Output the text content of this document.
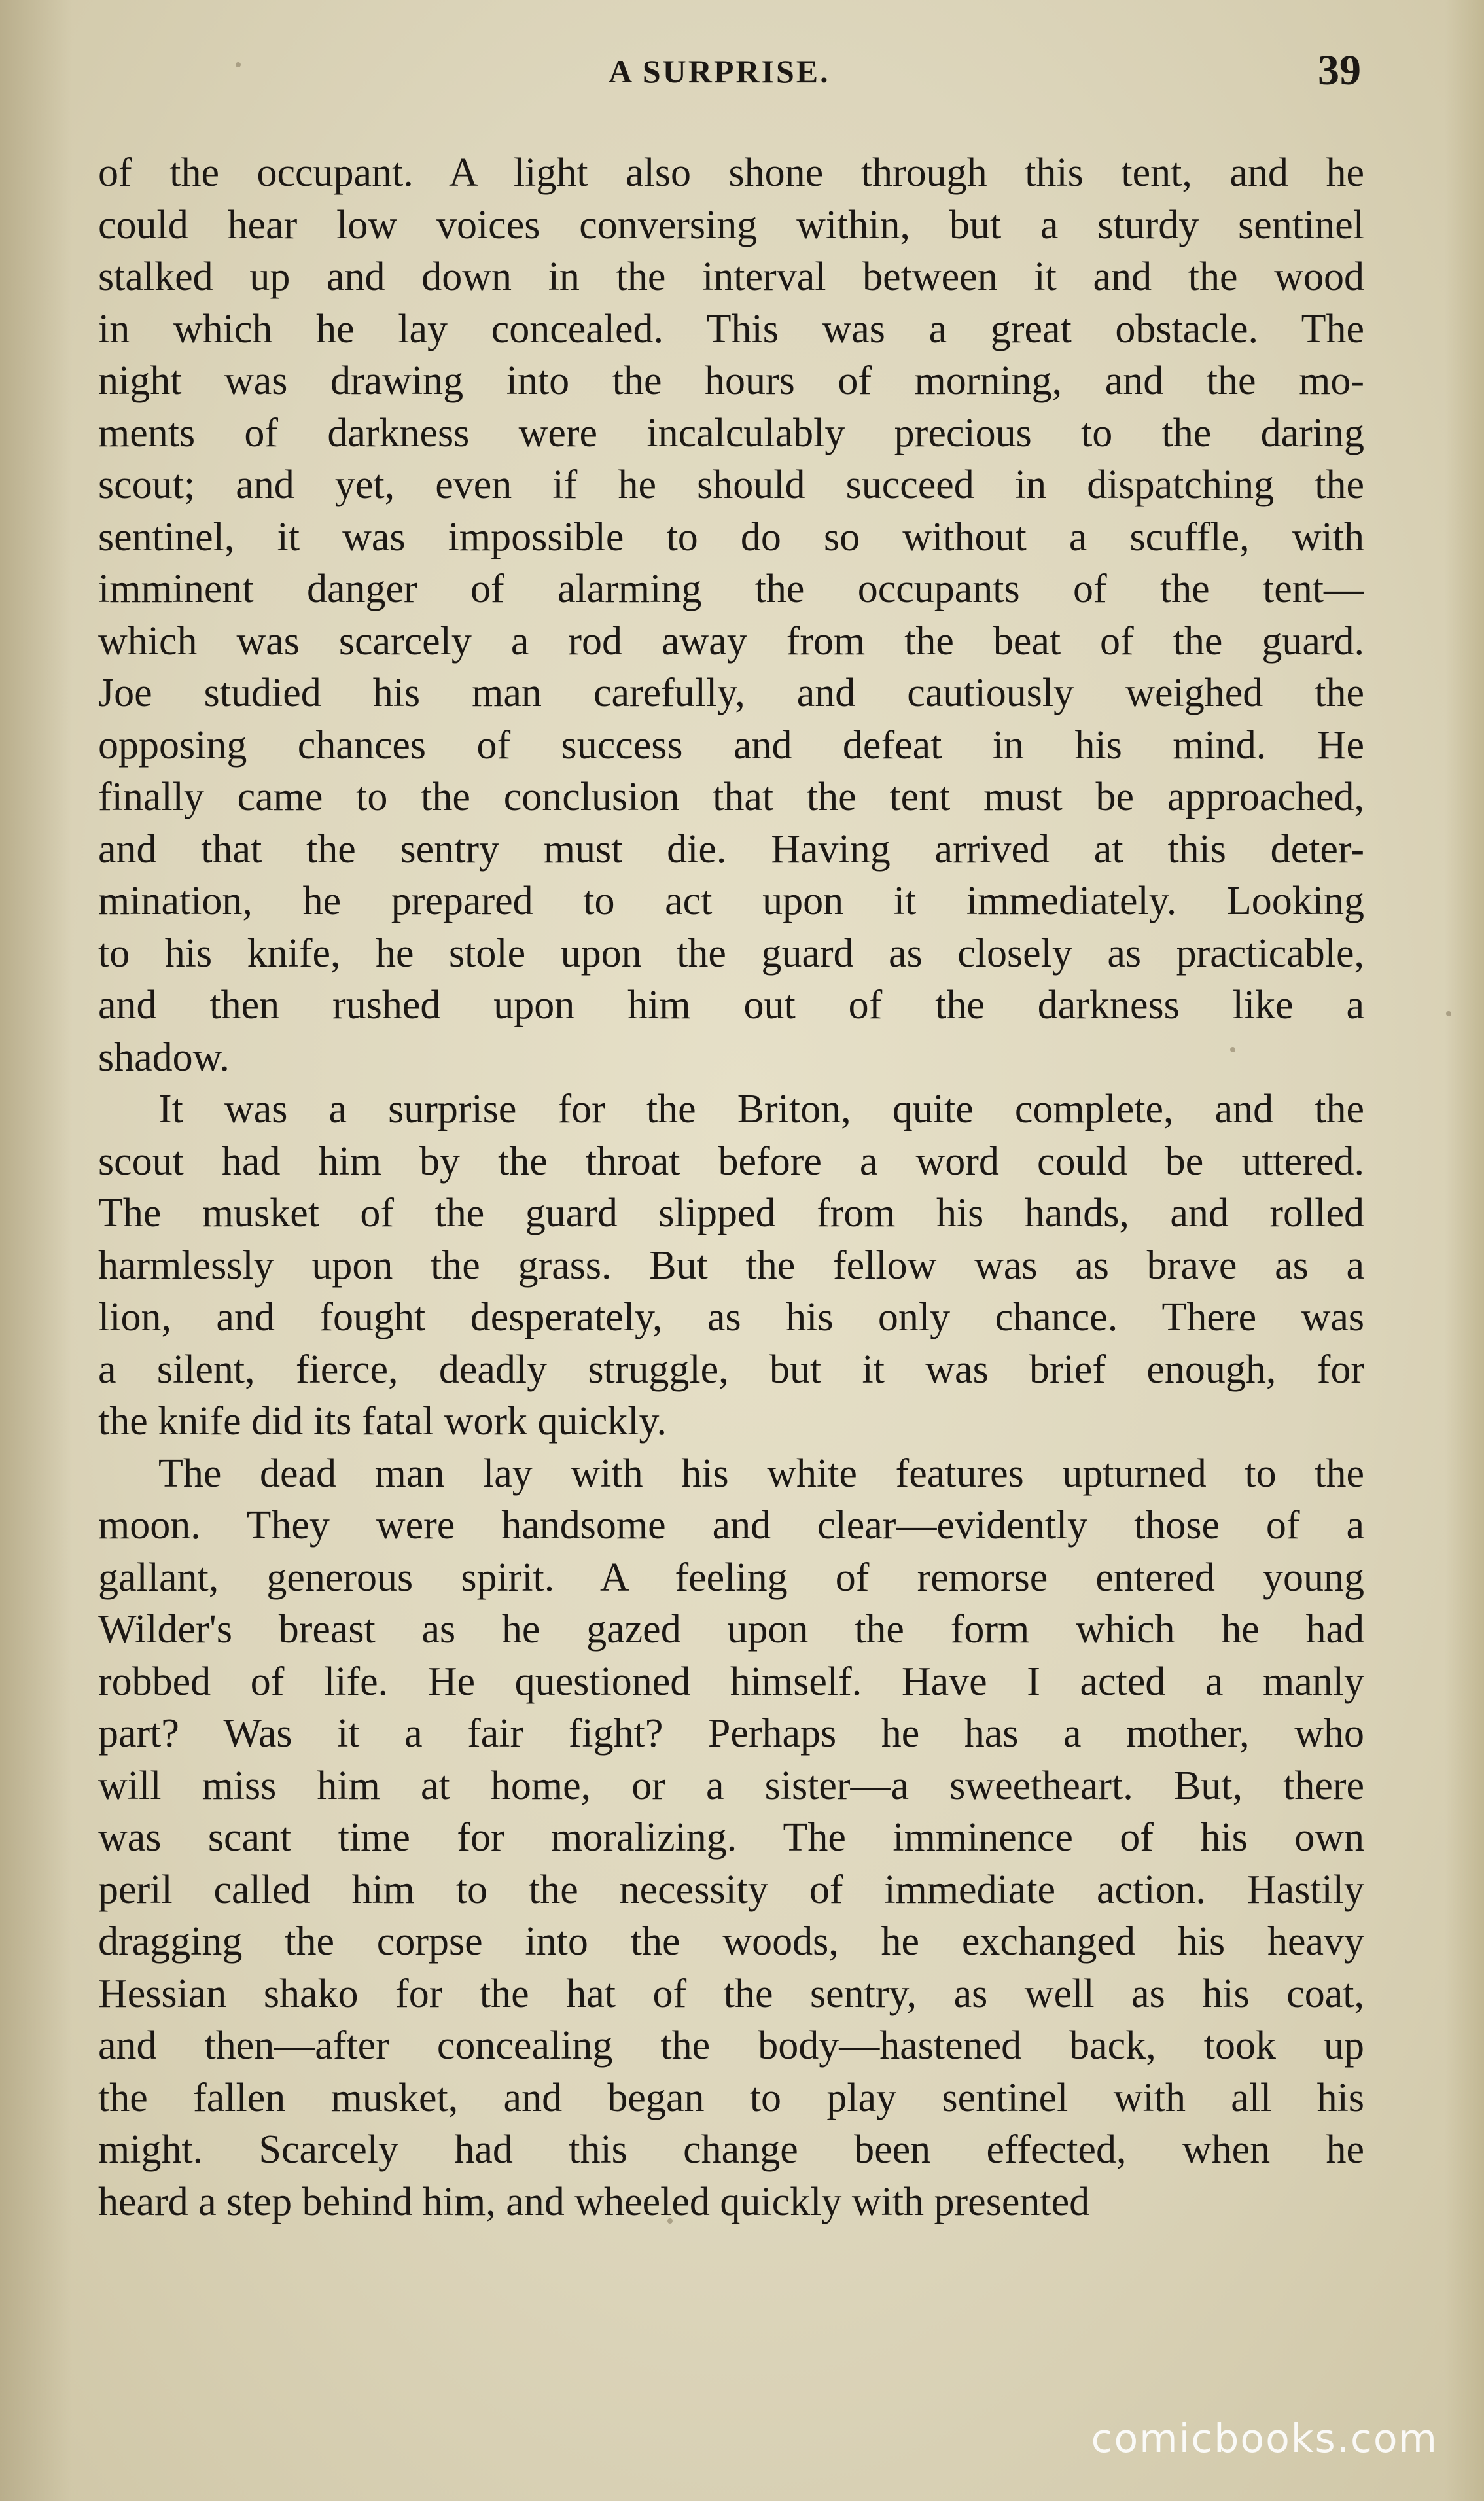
A SURPRISE.	39
of the occupant. A light also shone through this tent, and he
could hear low voices conversing within, but a sturdy sentinel
stalked up and down in the interval between it and the wood
in which he lay concealed. This was a great obstacle. The
night was drawing into the hours of morning, and the mo-
ments of darkness were incalculably precious to the daring
scout; and yet, even if he should succeed in dispatching the
sentinel, it was impossible to do so without a scuffle, with
imminent danger of alarming the occupants of the tent—
which was scarcely a rod away from the beat of the guard.
Joe studied his man carefully, and cautiously weighed the
opposing chances of success and defeat in his mind. He
finally came to the conclusion that the tent must be approached,
and that the sentry must die. Having arrived at this deter-
mination, he prepared to act upon it immediately. Looking
to his knife, he stole upon the guard as closely as practicable,
and then rushed upon him out of the darkness like a
shadow.
It was a surprise for the Briton, quite complete, and the
scout had him by the throat before a word could be uttered.
The musket of the guard slipped from his hands, and rolled
harmlessly upon the grass. But the fellow was as brave as a
lion, and fought desperately, as his only chance. There was
a silent, fierce, deadly struggle, but it was brief enough, for
the knife did its fatal work quickly.
The dead man lay with his white features upturned to the
moon. They were handsome and clear—evidently those of a
gallant, generous spirit. A feeling of remorse entered young
Wilder's breast as he gazed upon the form which he had
robbed of life. He questioned himself. Have I acted a manly
part? Was it a fair fight? Perhaps he has a mother, who
will miss him at home, or a sister—a sweetheart. But, there
was scant time for moralizing. The imminence of his own
peril called him to the necessity of immediate action. Hastily
dragging the corpse into the woods, he exchanged his heavy
Hessian shako for the hat of the sentry, as well as his coat,
and then—after concealing the body—hastened back, took up
the fallen musket, and began to play sentinel with all his
might. Scarcely had this change been effected, when he
heard a step behind him, and wheeled quickly with presented
comicbooks.com
